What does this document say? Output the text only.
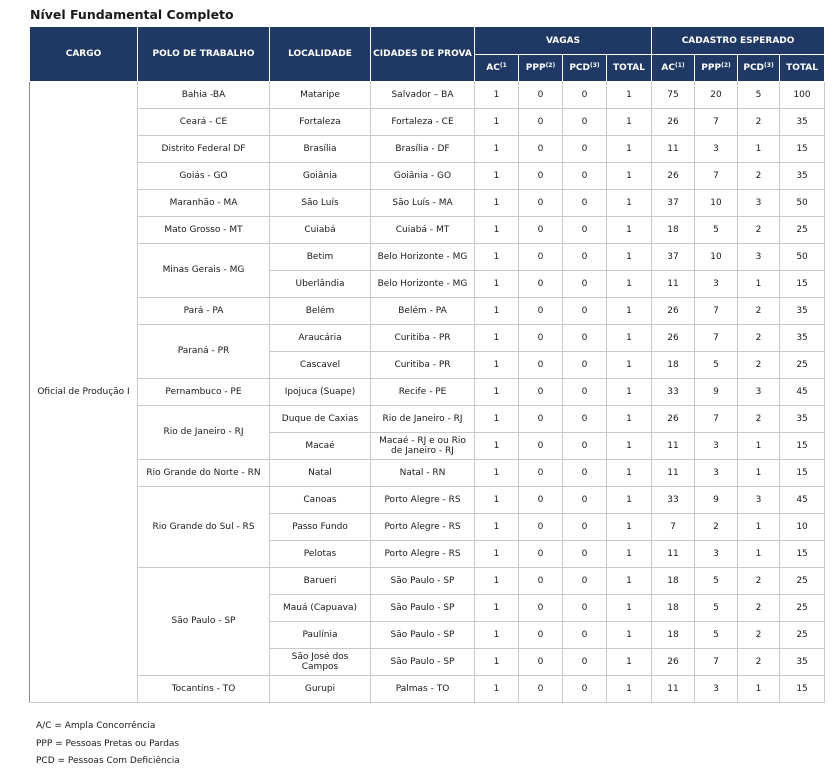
Nível Fundamental Completo
CARGO	POLO DE TRABALHO	LOCALIDADE	CIDADES DE PROVA	VAGAS				CADASTRO ESPERADO			
				AC$^{(1}$	PPP$^{(2)}$	PCD$^{(3)}$	TOTAL	AC$^{(1)}$	PPP$^{(2)}$	PCD$^{(3)}$	TOTAL
Oficial de Produção I	Bahia -BA	Mataripe	Salvador – BA	1	0	0	1	75	20	5	100
	Ceará - CE	Fortaleza	Fortaleza - CE	1	0	0	1	26	7	2	35
	Distrito Federal DF	Brasília	Brasília - DF	1	0	0	1	11	3	1	15
	Goiás - GO	Goiânia	Goiânia - GO	1	0	0	1	26	7	2	35
	Maranhão - MA	São Luís	São Luís - MA	1	0	0	1	37	10	3	50
	Mato Grosso - MT	Cuiabá	Cuiabá - MT	1	0	0	1	18	5	2	25
	Minas Gerais - MG	Betim	Belo Horizonte - MG	1	0	0	1	37	10	3	50
		Uberlândia	Belo Horizonte - MG	1	0	0	1	11	3	1	15
	Pará - PA	Belém	Belém - PA	1	0	0	1	26	7	2	35
	Paraná - PR	Araucária	Curitiba - PR	1	0	0	1	26	7	2	35
		Cascavel	Curitiba - PR	1	0	0	1	18	5	2	25
	Pernambuco - PE	Ipojuca (Suape)	Recife - PE	1	0	0	1	33	9	3	45
	Rio de Janeiro - RJ	Duque de Caxias	Rio de Janeiro - RJ	1	0	0	1	26	7	2	35
		Macaé	Macaé - RJ e ou Rio de Janeiro - RJ	1	0	0	1	11	3	1	15
	Rio Grande do Norte - RN	Natal	Natal - RN	1	0	0	1	11	3	1	15
	Rio Grande do Sul - RS	Canoas	Porto Alegre - RS	1	0	0	1	33	9	3	45
		Passo Fundo	Porto Alegre - RS	1	0	0	1	7	2	1	10
		Pelotas	Porto Alegre - RS	1	0	0	1	11	3	1	15
	São Paulo - SP	Barueri	São Paulo - SP	1	0	0	1	18	5	2	25
		Mauá (Capuava)	São Paulo - SP	1	0	0	1	18	5	2	25
		Paulínia	São Paulo - SP	1	0	0	1	18	5	2	25
		São José dos Campos	São Paulo - SP	1	0	0	1	26	7	2	35
	Tocantins - TO	Gurupi	Palmas - TO	1	0	0	1	11	3	1	15
A/C = Ampla Concorrência
PPP = Pessoas Pretas ou Pardas
PCD = Pessoas Com Deficiência
